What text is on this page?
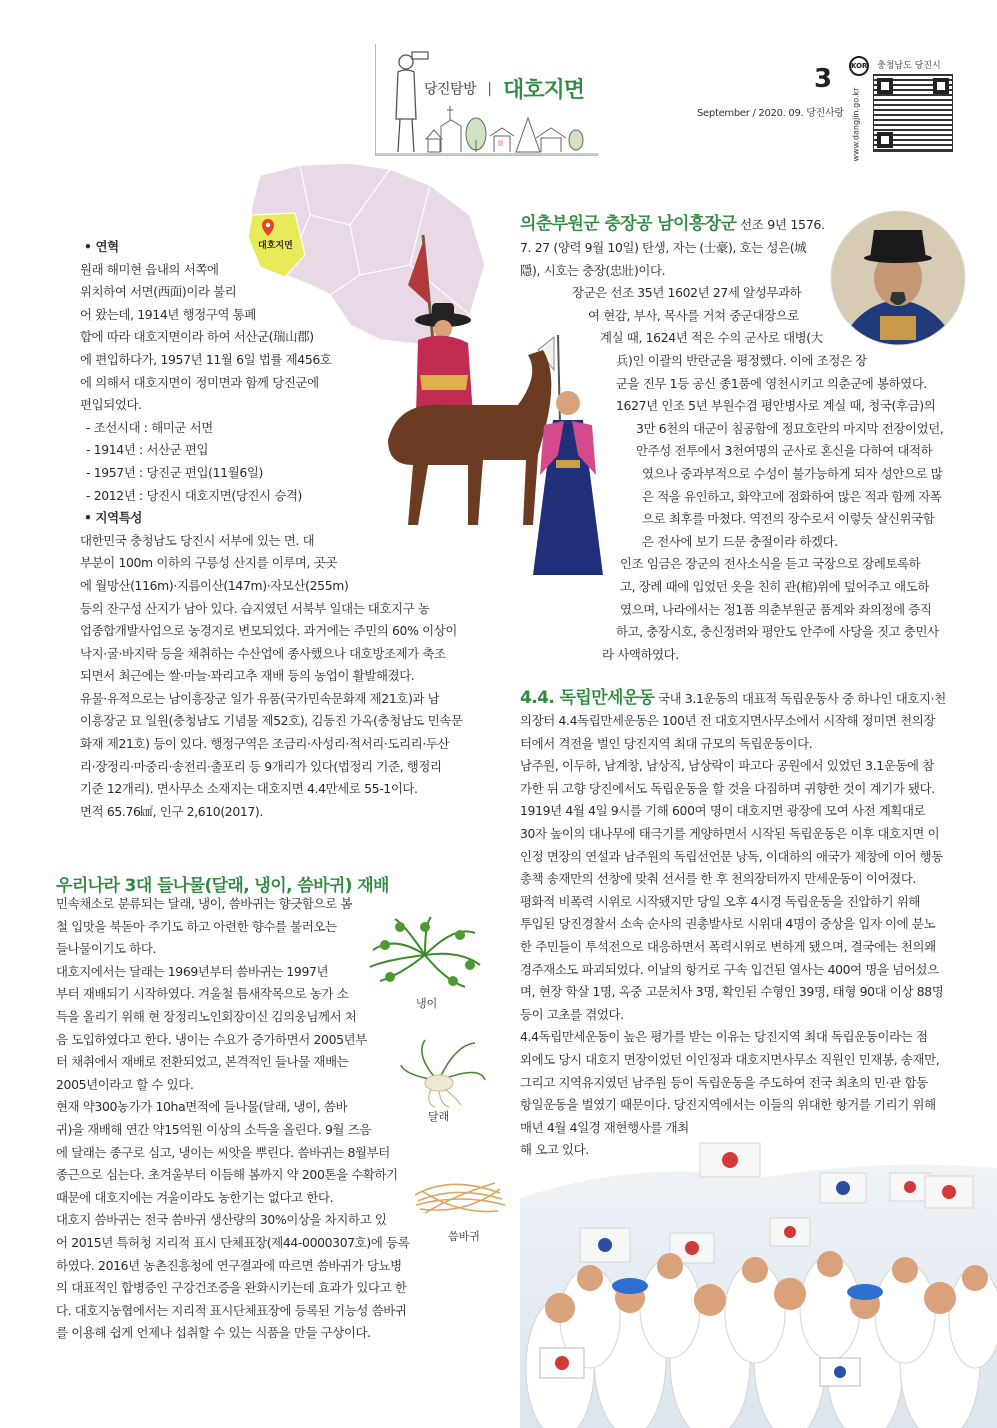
당진탐방 | 대호지면	3
September / 2020. 09. 당진사랑
KOR 충청남도 당진시
www.dangjin.go.kr
대호지면

• 연혁

원래 해미현 읍내의 서쪽에

위치하여 서면(西面)이라 불리

어 왔는데, 1914년 행정구역 통폐

합에 따라 대호지면이라 하여 서산군(瑞山郡)

에 편입하다가, 1957년 11월 6일 법률 제456호

에 의해서 대호지면이 정미면과 함께 당진군에

편입되었다.

- 조선시대 : 해미군 서면

- 1914년 : 서산군 편입

- 1957년 : 당진군 편입(11월6일)

- 2012년 : 당진시 대호지면(당진시 승격)

• 지역특성

대한민국 충청남도 당진시 서부에 있는 면. 대

부분이 100m 이하의 구릉성 산지를 이루며, 곳곳

에 월망산(116m)·지름이산(147m)·자모산(255m)

등의 잔구성 산지가 남아 있다. 습지였던 서북부 일대는 대호지구 농

업종합개발사업으로 농경지로 변모되었다. 과거에는 주민의 60% 이상이

낙지·굴·바지락 등을 채취하는 수산업에 종사했으나 대호방조제가 축조

되면서 최근에는 쌀·마늘·꽈리고추 재배 등의 농업이 활발해졌다.

유물·유적으로는 남이흥장군 일가 유품(국가민속문화재 제21호)과 남

이흥장군 묘 일원(충청남도 기념물 제52호), 김동진 가옥(충청남도 민속문

화재 제21호) 등이 있다. 행정구역은 조금리·사성리·적서리·도리리·두산

리·장정리·마중리·송전리·출포리 등 9개리가 있다(법정리 기준, 행정리

기준 12개리). 면사무소 소재지는 대호지면 4.4만세로 55-1이다.

면적 65.76㎢, 인구 2,610(2017).

우리나라 3대 들나물(달래, 냉이, 씀바귀) 재배

민속채소로 분류되는 달래, 냉이, 씀바귀는 향긋함으로 봄

철 입맛을 북돋아 주기도 하고 아련한 향수를 불러오는

들나물이기도 하다.

대호지에서는 달래는 1969년부터 씀바귀는 1997년

부터 재배되기 시작하였다. 겨울철 틈새작목으로 농가 소

득을 올리기 위해 현 장정리노인회장이신 김의웅님께서 처

음 도입하였다고 한다. 냉이는 수요가 증가하면서 2005년부

터 채취에서 재배로 전환되었고, 본격적인 들나물 재배는

2005년이라고 할 수 있다.

현재 약300농가가 10ha면적에 들나물(달래, 냉이, 씀바

귀)을 재배해 연간 약15억원 이상의 소득을 올린다. 9월 즈음

에 달래는 종구로 심고, 냉이는 씨앗을 뿌린다. 씀바귀는 8월부터

종근으로 심는다. 초겨울부터 이듬해 봄까지 약 200톤을 수확하기

때문에 대호지에는 겨울이라도 농한기는 없다고 한다.

대호지 씀바귀는 전국 씀바귀 생산량의 30%이상을 차지하고 있

어 2015년 특허청 지리적 표시 단체표장(제44-0000307호)에 등록

하였다. 2016년 농촌진흥청에 연구결과에 따르면 씀바귀가 당뇨병

의 대표적인 합병증인 구강건조증을 완화시키는데 효과가 있다고 한

다. 대호지농협에서는 지리적 표시단체표장에 등록된 기능성 씀바귀

를 이용해 쉽게 언제나 섭취할 수 있는 식품을 만들 구상이다.

냉이
달래
씀바귀
의춘부원군 충장공 남이흥장군 선조 9년 1576.

7. 27 (양력 9월 10일) 탄생, 자는 (士豪), 호는 성은(城

隱), 시호는 충장(忠壯)이다.

장군은 선조 35년 1602년 27세 알성무과하

여 현감, 부사, 목사를 거쳐 중군대장으로

계실 때, 1624년 적은 수의 군사로 대병(大

兵)인 이괄의 반란군을 평정했다. 이에 조정은 장

군을 진무 1등 공신 종1품에 영천시키고 의춘군에 봉하였다.

1627년 인조 5년 부원수겸 평안병사로 계실 때, 청국(후금)의

3만 6천의 대군이 침공함에 정묘호란의 마지막 전장이었던,

안주성 전투에서 3천여명의 군사로 혼신을 다하여 대적하

였으나 중과부적으로 수성이 불가능하게 되자 성안으로 많

은 적을 유인하고, 화약고에 점화하여 많은 적과 함께 자폭

으로 최후를 마쳤다. 역전의 장수로서 이렇듯 살신위국함

은 전사에 보기 드문 충절이라 하겠다.

인조 임금은 장군의 전사소식을 듣고 국장으로 장례토록하

고, 장례 때에 입었던 옷을 친히 관(棺)위에 덮어주고 애도하

였으며, 나라에서는 정1품 의춘부원군 품계와 좌의정에 증직

하고, 충장시호, 충신정려와 평안도 안주에 사당을 짓고 충민사

라 사액하였다.

4.4. 독립만세운동 국내 3.1운동의 대표적 독립운동사 중 하나인 대호지·천

의장터 4.4독립만세운동은 100년 전 대호지면사무소에서 시작해 정미면 천의장

터에서 격전을 벌인 당진지역 최대 규모의 독립운동이다.

남주원, 이두하, 남계창, 남상직, 남상락이 파고다 공원에서 있었던 3.1운동에 참

가한 뒤 고향 당진에서도 독립운동을 할 것을 다짐하며 귀향한 것이 계기가 됐다.

1919년 4월 4일 9시를 기해 600여 명이 대호지면 광장에 모여 사전 계획대로

30자 높이의 대나무에 태극기를 게양하면서 시작된 독립운동은 이후 대호지면 이

인정 면장의 연설과 남주원의 독립선언문 낭독, 이대하의 애국가 제창에 이어 행동

총책 송재만의 선창에 맞춰 선서를 한 후 천의장터까지 만세운동이 이어졌다.

평화적 비폭력 시위로 시작됐지만 당일 오후 4시경 독립운동을 진압하기 위해

투입된 당진경찰서 소속 순사의 권총발사로 시위대 4명이 중상을 입자 이에 분노

한 주민들이 투석전으로 대응하면서 폭력시위로 변하게 됐으며, 결국에는 천의왜

경주재소도 파괴되었다. 이날의 항거로 구속 입건된 열사는 400여 명을 넘어섰으

며, 현장 학살 1명, 옥중 고문치사 3명, 확인된 수형인 39명, 태형 90대 이상 88명

등이 고초를 겪었다.

4.4독립만세운동이 높은 평가를 받는 이유는 당진지역 최대 독립운동이라는 점

외에도 당시 대호지 면장이었던 이인정과 대호지면사무소 직원인 민재봉, 송재만,

그리고 지역유지였던 남주원 등이 독립운동을 주도하여 전국 최초의 민·관 합동

항일운동을 벌였기 때문이다. 당진지역에서는 이들의 위대한 항거를 기리기 위해

매년 4월 4일경 재현행사를 개최

해 오고 있다.
